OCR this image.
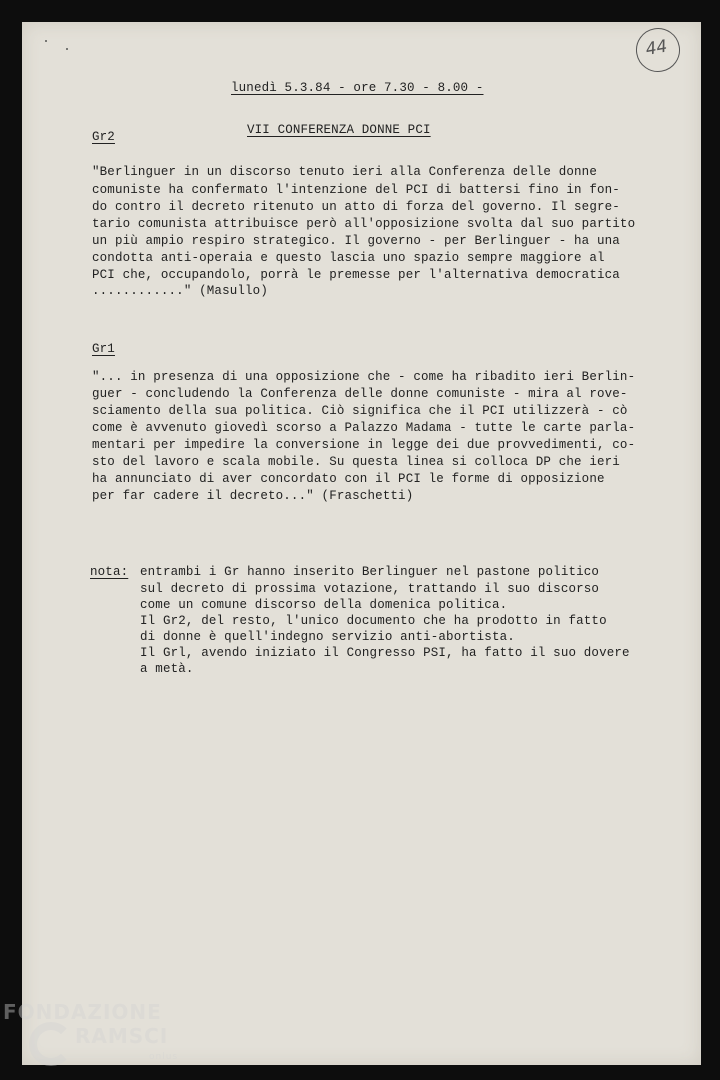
44
lunedì 5.3.84 - ore 7.30 - 8.00 -
VII CONFERENZA DONNE PCI
Gr2
"Berlinguer in un discorso tenuto ieri alla Conferenza delle donne
comuniste ha confermato l'intenzione del PCI di battersi fino in fon-
do contro il decreto ritenuto un atto di forza del governo. Il segre-
tario comunista attribuisce però all'opposizione svolta dal suo partito
un più ampio respiro strategico. Il governo - per Berlinguer - ha una
condotta anti-operaia e questo lascia uno spazio sempre maggiore al
PCI che, occupandolo, porrà le premesse per l'alternativa democratica
............" (Masullo)
Gr1
"... in presenza di una opposizione che - come ha ribadito ieri Berlin-
guer - concludendo la Conferenza delle donne comuniste - mira al rove-
sciamento della sua politica. Ciò significa che il PCI utilizzerà - cò
come è avvenuto giovedì scorso a Palazzo Madama - tutte le carte parla-
mentari per impedire la conversione in legge dei due provvedimenti, co-
sto del lavoro e scala mobile. Su questa linea si colloca DP che ieri
ha annunciato di aver concordato con il PCI le forme di opposizione
per far cadere il decreto..." (Fraschetti)
nota: entrambi i Gr hanno inserito Berlinguer nel pastone politico
sul decreto di prossima votazione, trattando il suo discorso
come un comune discorso della domenica politica.
Il Gr2, del resto, l'unico documento che ha prodotto in fatto
di donne è quell'indegno servizio anti-abortista.
Il Grl, avendo iniziato il Congresso PSI, ha fatto il suo dovere
a metà.
FONDAZIONE
RAMSCI
onlus
